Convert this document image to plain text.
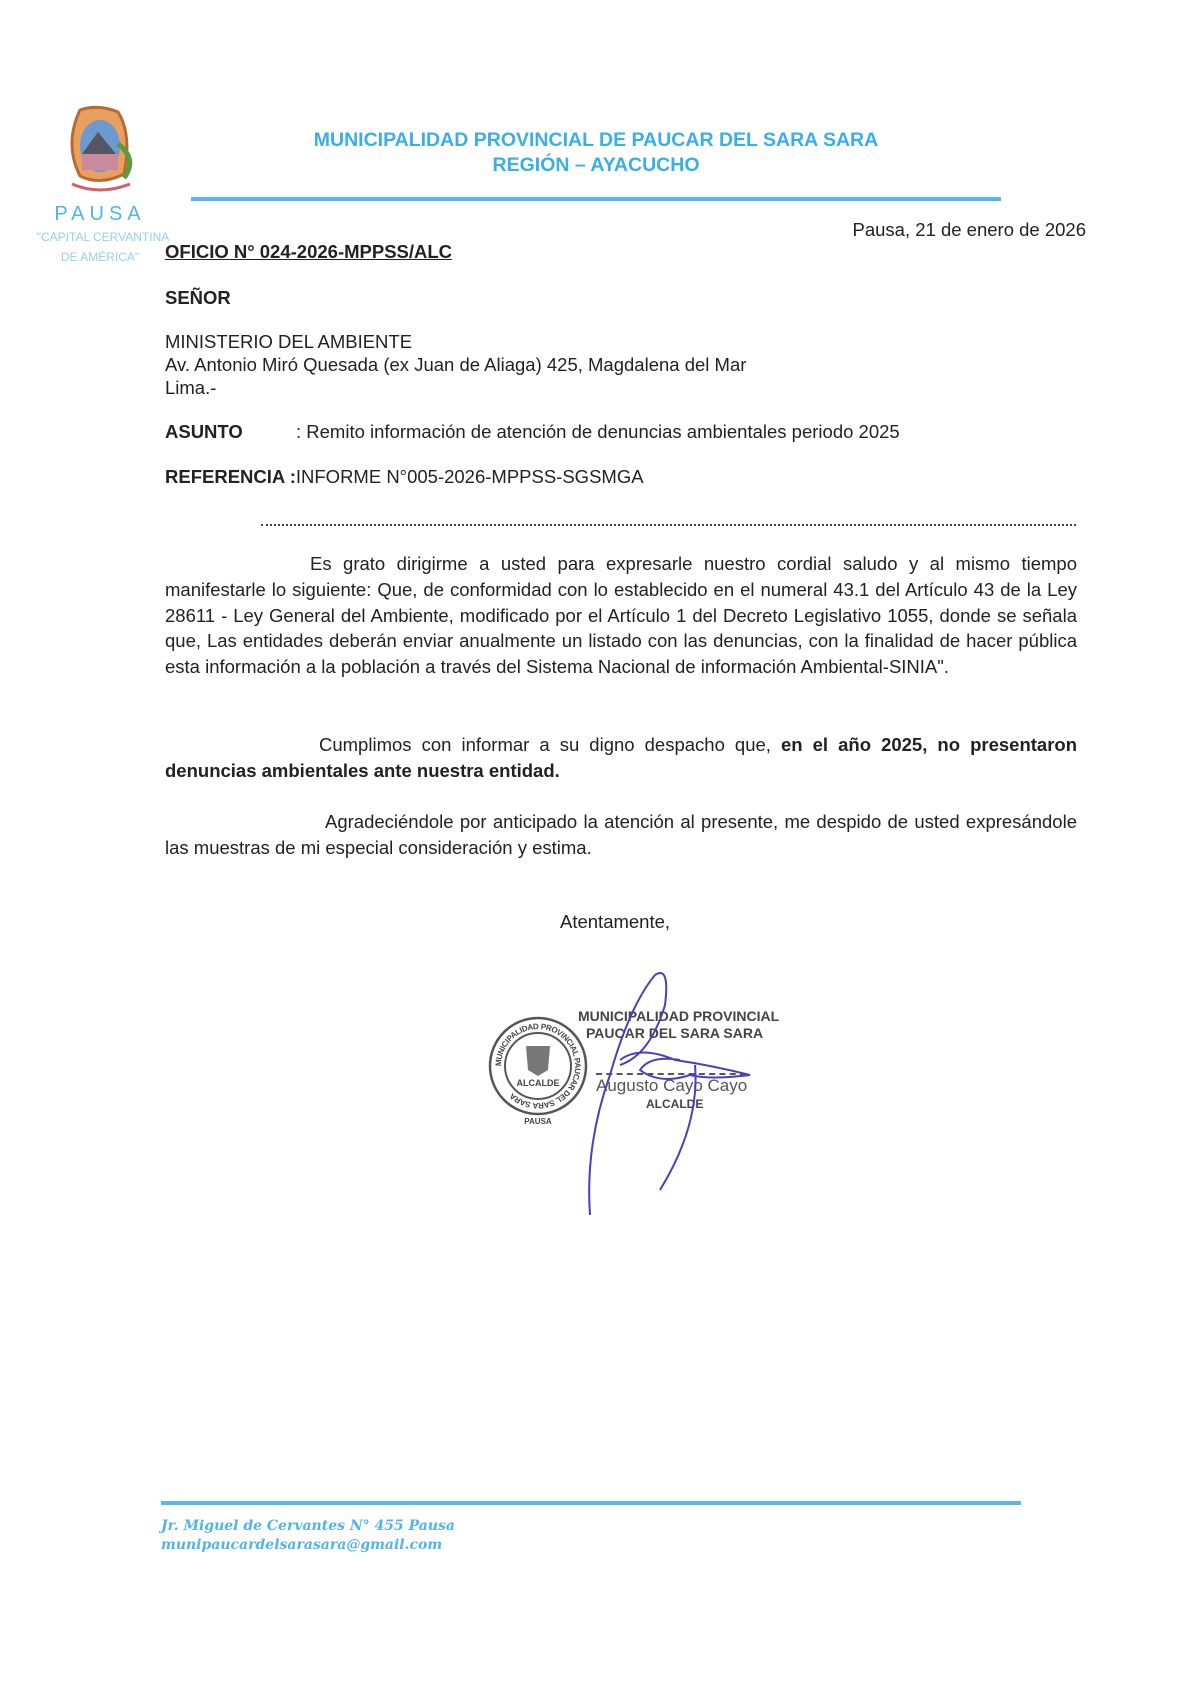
PAUSA
"CAPITAL CERVANTINA
DE AMÉRICA"
MUNICIPALIDAD PROVINCIAL DE PAUCAR DEL SARA SARA
REGIÓN – AYACUCHO
Pausa, 21 de enero de 2026
OFICIO N° 024-2026-MPPSS/ALC
SEÑOR
MINISTERIO DEL AMBIENTE
Av. Antonio Miró Quesada (ex Juan de Aliaga) 425, Magdalena del Mar
Lima.-
ASUNTO	: Remito información de atención de denuncias ambientales periodo 2025
REFERENCIA :INFORME N°005-2026-MPPSS-SGSMGA

Es grato dirigirme a usted para expresarle nuestro cordial saludo y al mismo tiempo manifestarle lo siguiente: Que, de conformidad con lo establecido en el numeral 43.1 del Artículo 43 de la Ley 28611 - Ley General del Ambiente, modificado por el Artículo 1 del Decreto Legislativo 1055, donde se señala que, Las entidades deberán enviar anualmente un listado con las denuncias, con la finalidad de hacer pública esta información a la población a través del Sistema Nacional de información Ambiental-SINIA".

Cumplimos con informar a su digno despacho que, en el año 2025, no presentaron denuncias ambientales ante nuestra entidad.

Agradeciéndole por anticipado la atención al presente, me despido de usted expresándole las muestras de mi especial consideración y estima.

Atentamente,
MUNICIPALIDAD PROVINCIAL PAUCAR DEL SARA SARA
ALCALDE
PAUSA
MUNICIPALIDAD PROVINCIAL
PAUCAR DEL SARA SARA
Augusto Cayo Cayo
ALCALDE
Jr. Miguel de Cervantes N° 455 Pausa
munipaucardelsarasara@gmail.com
